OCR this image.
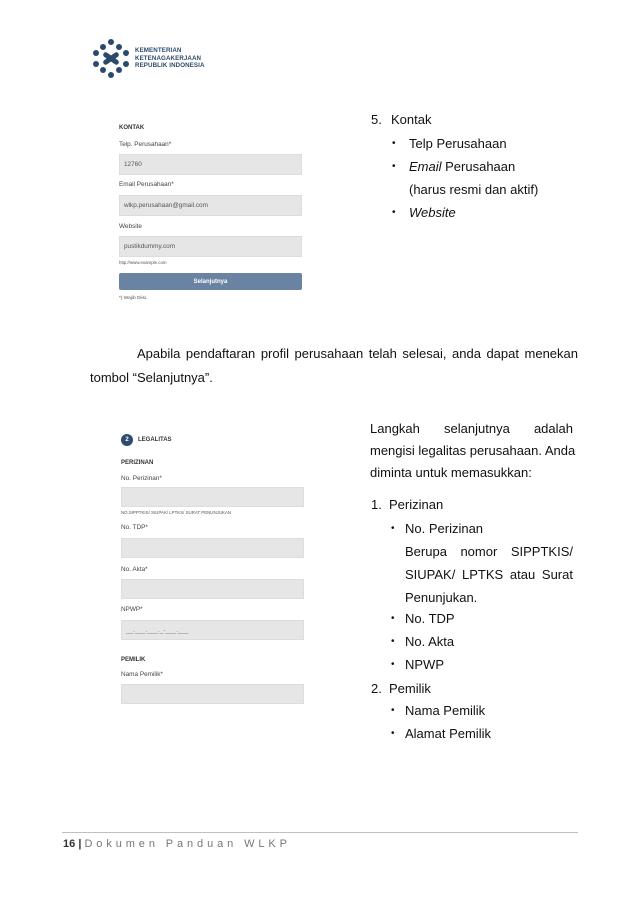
KEMENTERIAN
KETENAGAKERJAAN
REPUBLIK INDONESIA
KONTAK
Telp. Perusahaan*
12760
Email Perusahaan*
wlkp.perusahaan@gmail.com
Website
pustikdummy.com
http://www.example.com
Selanjutnya
*) Wajib Diisi.
5. Kontak
• Telp Perusahaan
• Email Perusahaan
(harus resmi dan aktif)
• Website
Apabila pendaftaran profil perusahaan telah selesai, anda dapat menekan
tombol “Selanjutnya”.
2	LEGALITAS
PERIZINAN
No. Perizinan*
NO.SIPPTKIS/ SIUPAK/ LPTKS/ SURAT PENUNJUKAN
No. TDP*
No. Akta*
NPWP*
__.___.___._-___.___
PEMILIK
Nama Pemilik*
Langkah selanjutnya adalah
mengisi legalitas perusahaan. Anda
diminta untuk memasukkan:
1. Perizinan
• No. Perizinan
Berupa nomor SIPPTKIS/
SIUPAK/ LPTKS atau Surat
Penunjukan.
• No. TDP
• No. Akta
• NPWP
2. Pemilik
• Nama Pemilik
• Alamat Pemilik
16 | Dokumen Panduan WLKP
